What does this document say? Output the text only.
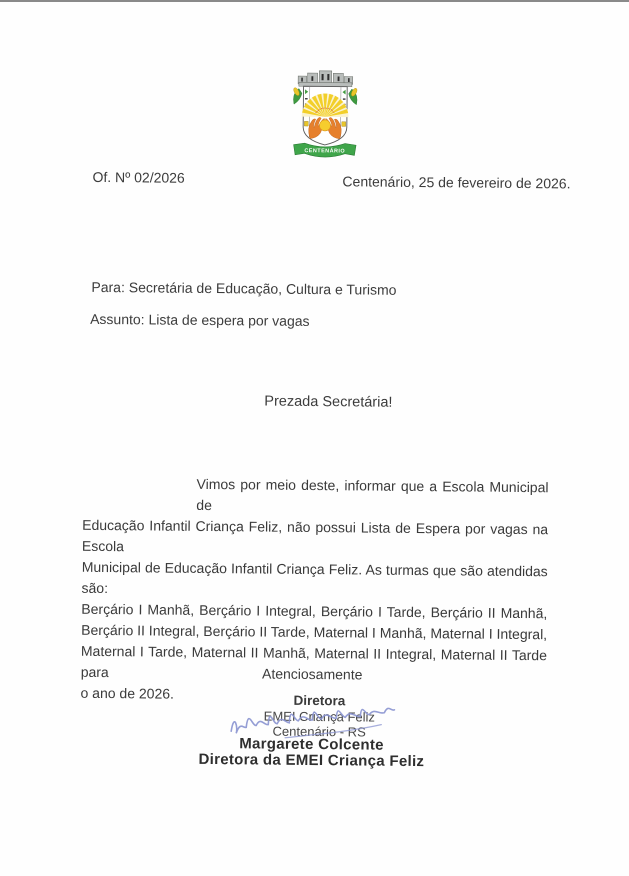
CENTENÁRIO
Of. Nº 02/2026	Centenário, 25 de fevereiro de 2026.
Para: Secretária de Educação, Cultura e Turismo
Assunto: Lista de espera por vagas
Prezada Secretária!
Vimos por meio deste, informar que a Escola Municipal de
Educação Infantil Criança Feliz, não possui Lista de Espera por vagas na Escola
Municipal de Educação Infantil Criança Feliz. As turmas que são atendidas são:
Berçário I Manhã, Berçário I Integral, Berçário I Tarde, Berçário II Manhã,
Berçário II Integral, Berçário II Tarde, Maternal I Manhã, Maternal I Integral,
Maternal I Tarde, Maternal II Manhã, Maternal II Integral, Maternal II Tarde para
o ano de 2026.
Atenciosamente
Diretora
EMEI Criança Feliz
Centenário - RS
Margarete Colcente
Diretora da EMEI Criança Feliz
